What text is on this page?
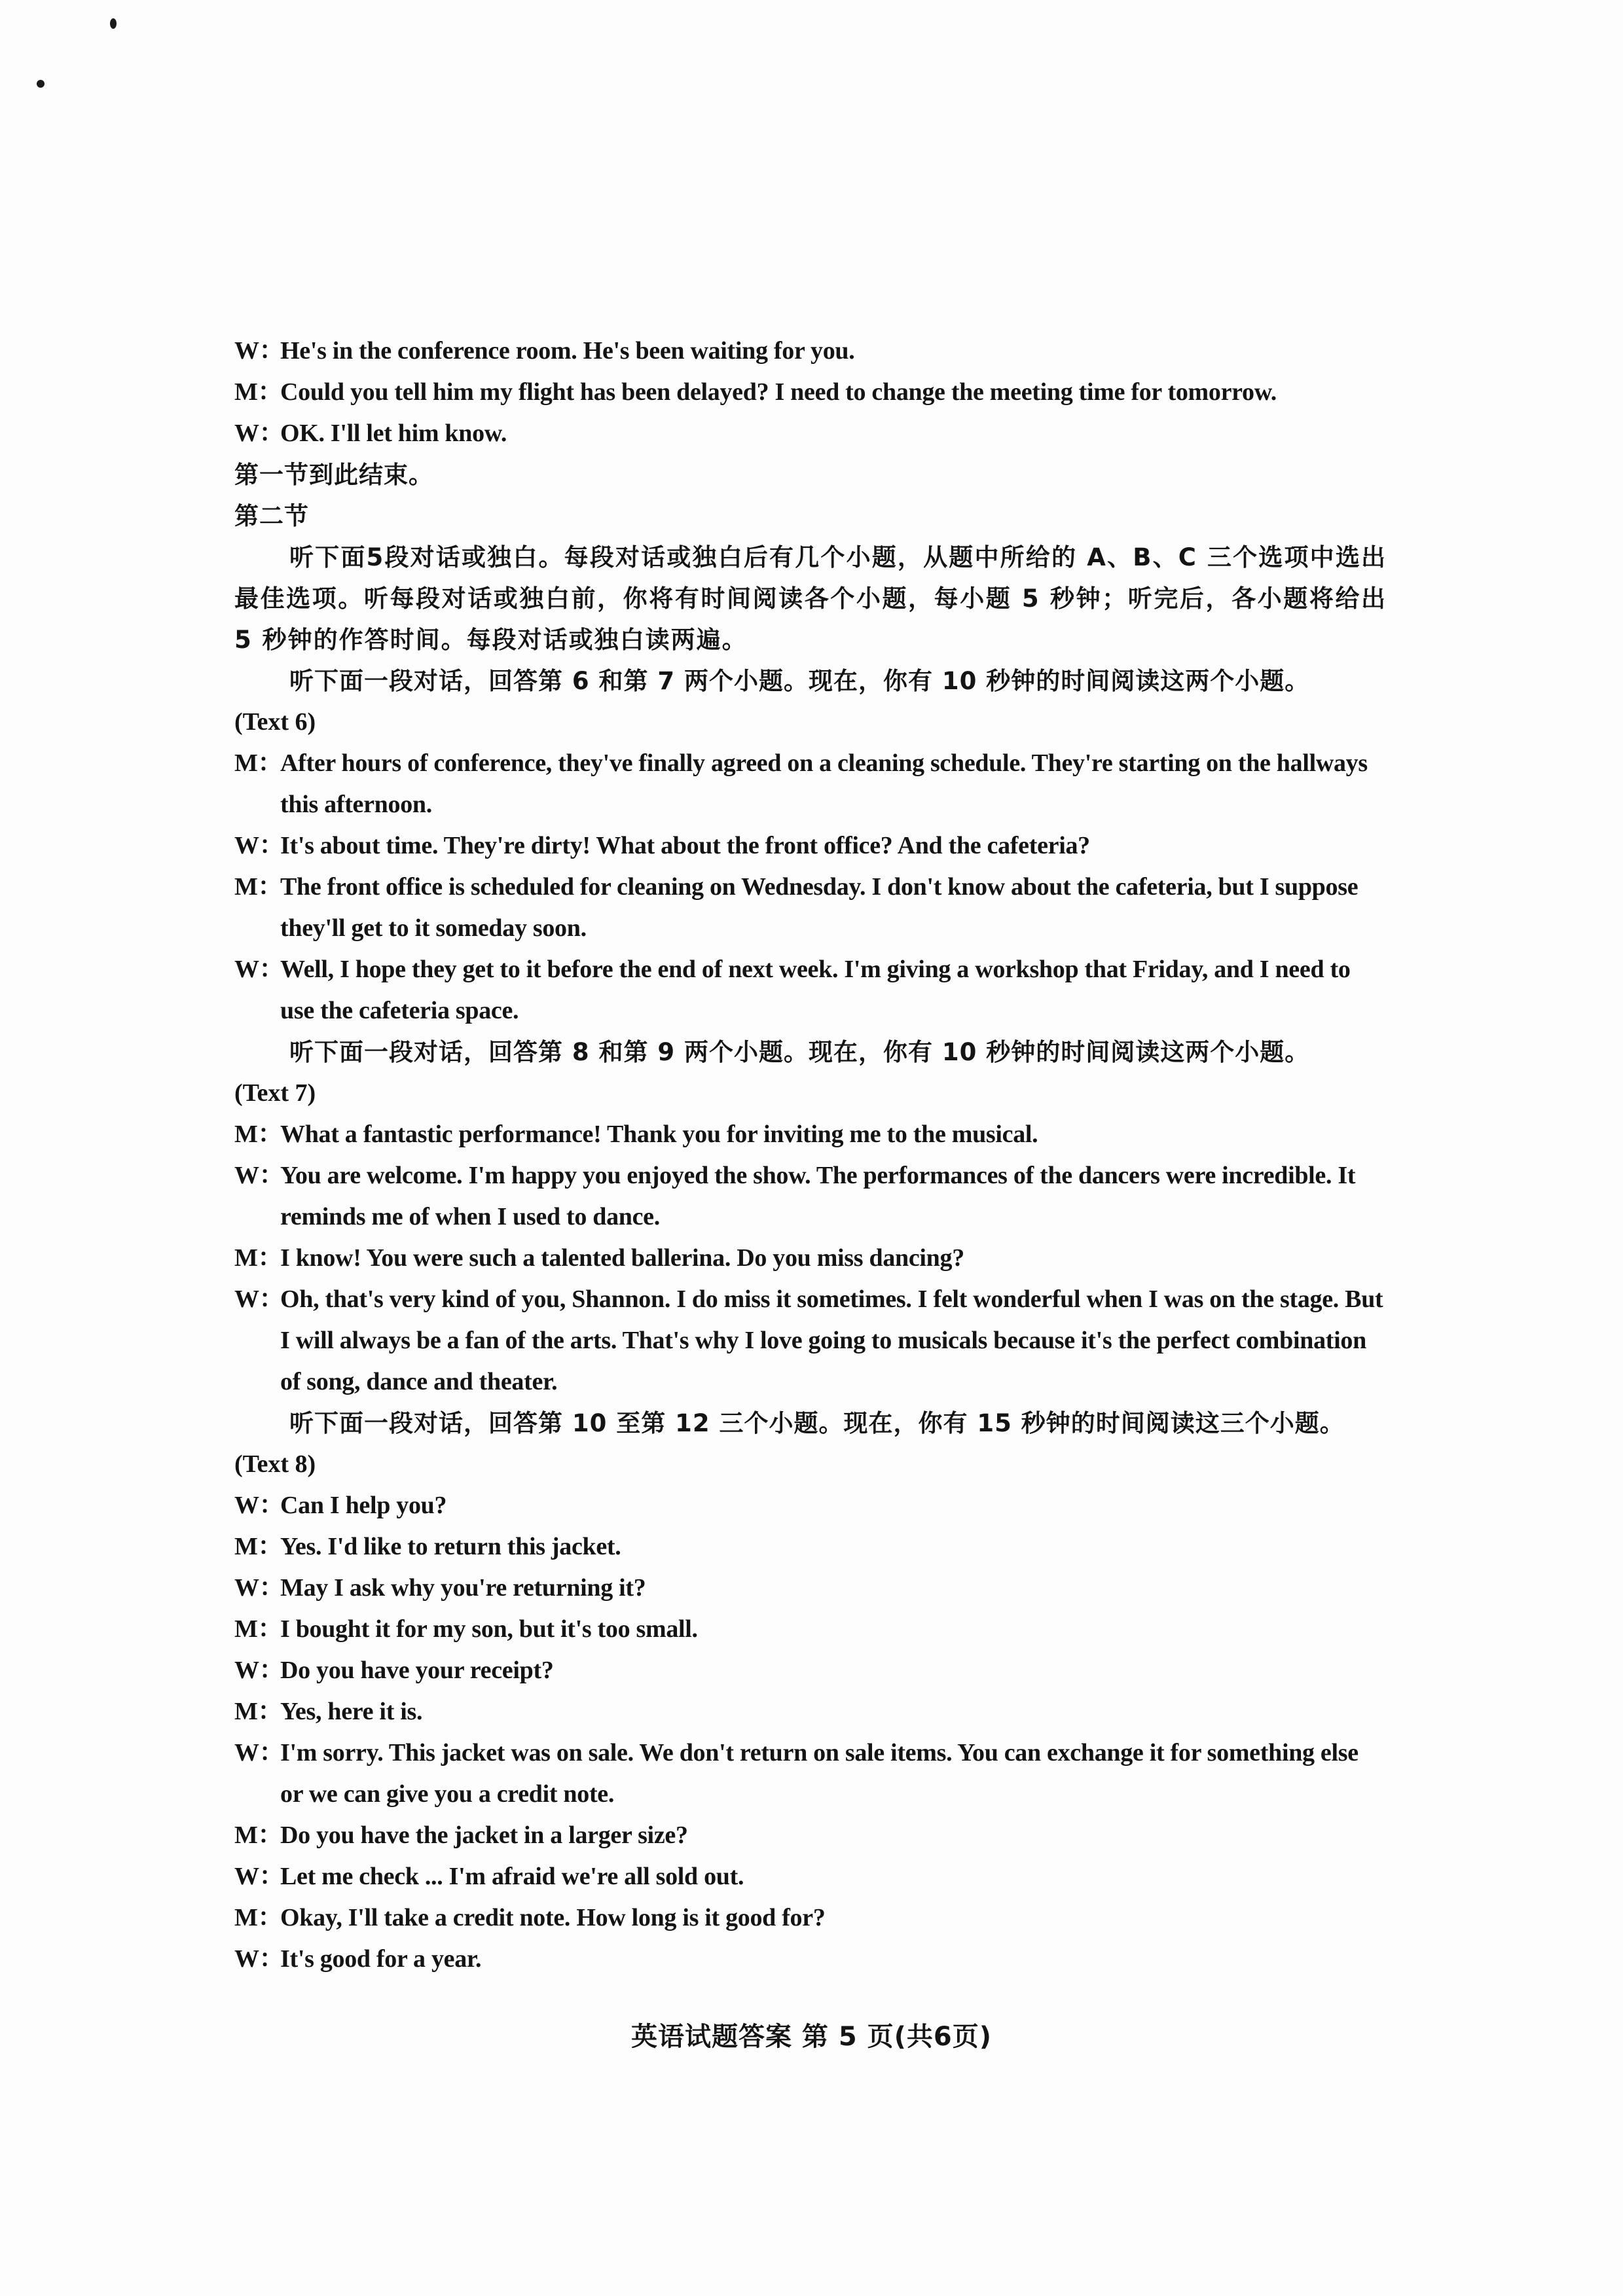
W：
He's in the conference room. He's been waiting for you.
M：
Could you tell him my flight has been delayed? I need to change the meeting time for tomorrow.
W：
OK. I'll let him know.
第一节到此结束。
第二节
听下面5段对话或独白。每段对话或独白后有几个小题，从题中所给的 A、B、C 三个选项中选出最佳选项。听每段对话或独白前，你将有时间阅读各个小题，每小题 5 秒钟；听完后，各小题将给出 5 秒钟的作答时间。每段对话或独白读两遍。
听下面一段对话，回答第 6 和第 7 两个小题。现在，你有 10 秒钟的时间阅读这两个小题。
(Text 6)
M：
After hours of conference, they've finally agreed on a cleaning schedule. They're starting on the hallways this afternoon.
W：
It's about time. They're dirty! What about the front office? And the cafeteria?
M：
The front office is scheduled for cleaning on Wednesday. I don't know about the cafeteria, but I suppose they'll get to it someday soon.
W：
Well, I hope they get to it before the end of next week. I'm giving a workshop that Friday, and I need to use the cafeteria space.
听下面一段对话，回答第 8 和第 9 两个小题。现在，你有 10 秒钟的时间阅读这两个小题。
(Text 7)
M：
What a fantastic performance! Thank you for inviting me to the musical.
W：
You are welcome. I'm happy you enjoyed the show. The performances of the dancers were incredible. It reminds me of when I used to dance.
M：
I know! You were such a talented ballerina. Do you miss dancing?
W：
Oh, that's very kind of you, Shannon. I do miss it sometimes. I felt wonderful when I was on the stage. But I will always be a fan of the arts. That's why I love going to musicals because it's the perfect combination of song, dance and theater.
听下面一段对话，回答第 10 至第 12 三个小题。现在，你有 15 秒钟的时间阅读这三个小题。
(Text 8)
W：
Can I help you?
M：
Yes. I'd like to return this jacket.
W：
May I ask why you're returning it?
M：
I bought it for my son, but it's too small.
W：
Do you have your receipt?
M：
Yes, here it is.
W：
I'm sorry. This jacket was on sale. We don't return on sale items. You can exchange it for something else or we can give you a credit note.
M：
Do you have the jacket in a larger size?
W：
Let me check ... I'm afraid we're all sold out.
M：
Okay, I'll take a credit note. How long is it good for?
W：
It's good for a year.
英语试题答案 第 5 页(共6页)
